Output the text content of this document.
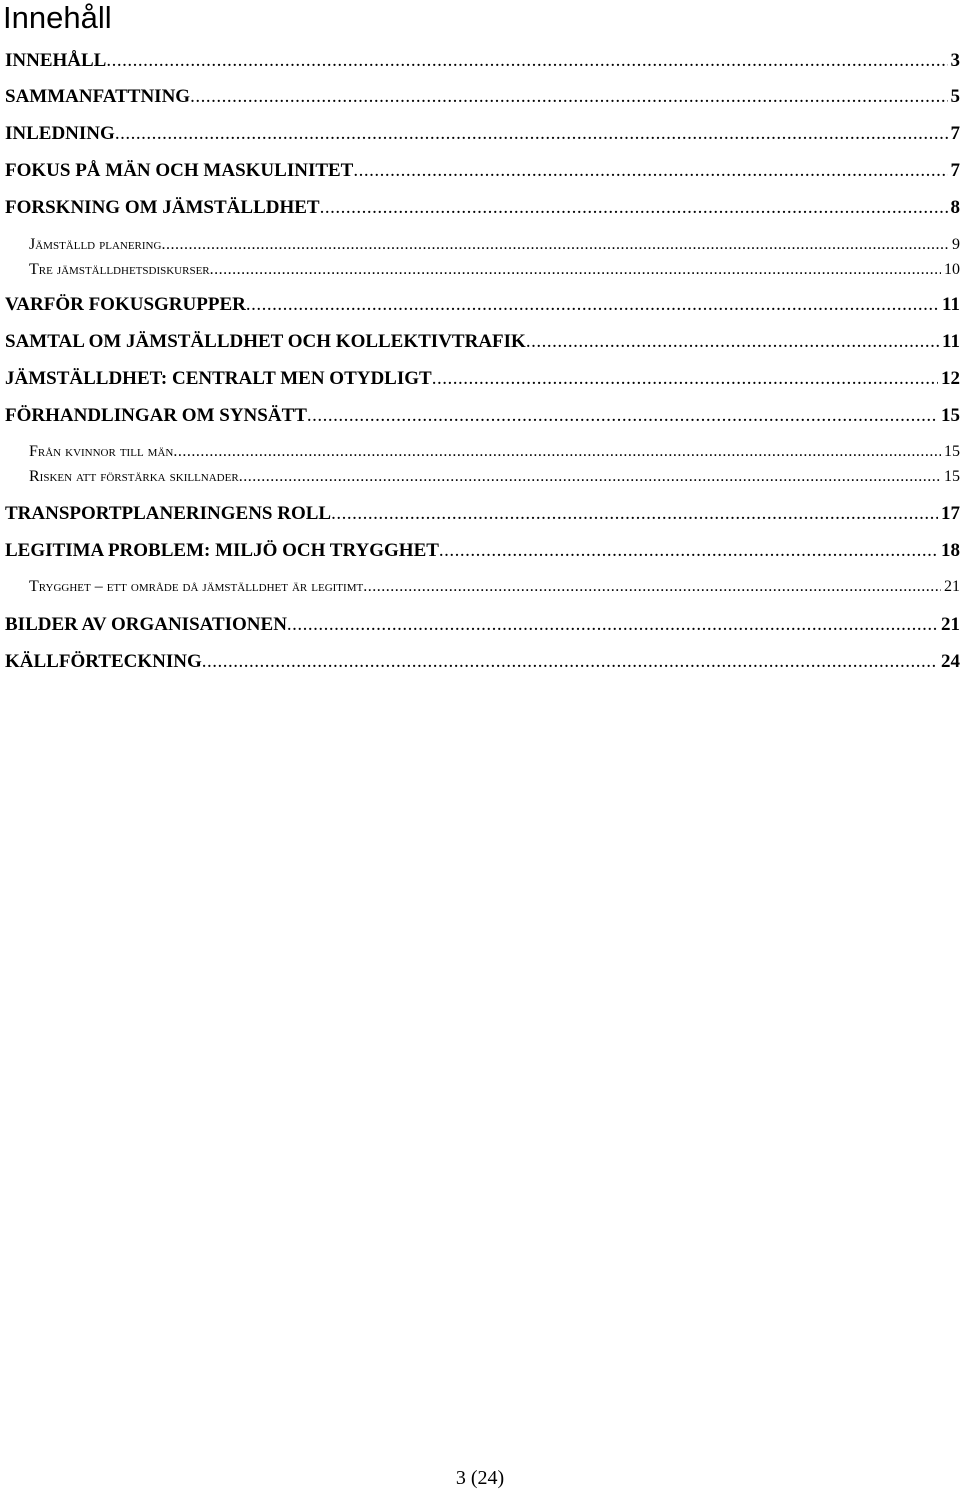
Innehåll
INNEHÅLL .....	3
SAMMANFATTNING .....	5
INLEDNING .....	7
FOKUS PÅ MÄN OCH MASKULINITET .....	7
FORSKNING OM JÄMSTÄLLDHET .....	8
Jämställd planering .....	9
Tre jämställdhetsdiskurser .....	10
VARFÖR FOKUSGRUPPER .....	11
SAMTAL OM JÄMSTÄLLDHET OCH KOLLEKTIVTRAFIK .....	11
JÄMSTÄLLDHET: CENTRALT MEN OTYDLIGT .....	12
FÖRHANDLINGAR OM SYNSÄTT .....	15
Från kvinnor till män .....	15
Risken att förstärka skillnader .....	15
TRANSPORTPLANERINGENS ROLL .....	17
LEGITIMA PROBLEM: MILJÖ OCH TRYGGHET .....	18
Trygghet – ett område då jämställdhet är legitimt .....	21
BILDER AV ORGANISATIONEN .....	21
KÄLLFÖRTECKNING .....	24
3 (24)
